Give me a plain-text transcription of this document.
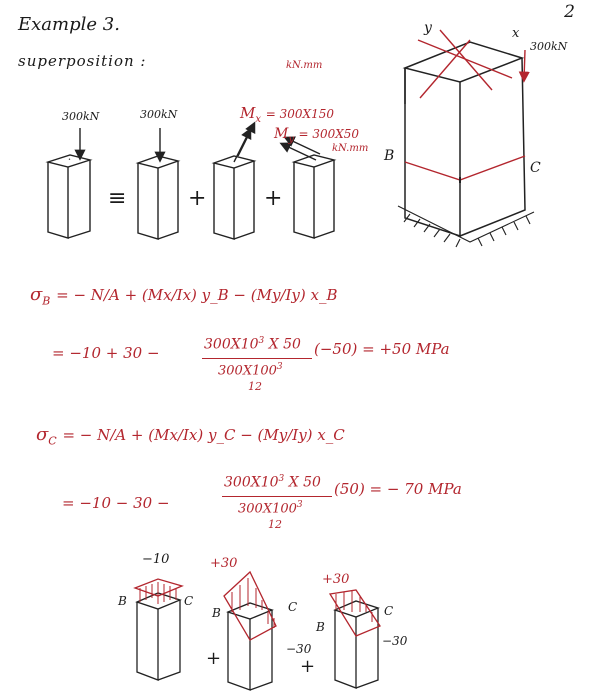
2
Example 3.
superposition :
•
300kN	300kN
300kN
≡	+	+
$M_x = 300X150$
kN.mm
$M_y = 300X50$
kN.mm
y	x
B
C
$\sigma_B$ = − N/A + (Mx/Ix) y_B − (My/Iy) x_B
= −10 + 30 −	$300X10^3$ X 50
$300X100^3$
12
(−50) = +50 MPa
$\sigma_C$ = − N/A + (Mx/Ix) y_C − (My/Iy) x_C
= −10 − 30 −
$300X10^3$ X 50
$300X100^3$
12
(50) = − 70 MPa
−10
B	C
+
+30
B	C
−30
+
+30
B
C
−30
